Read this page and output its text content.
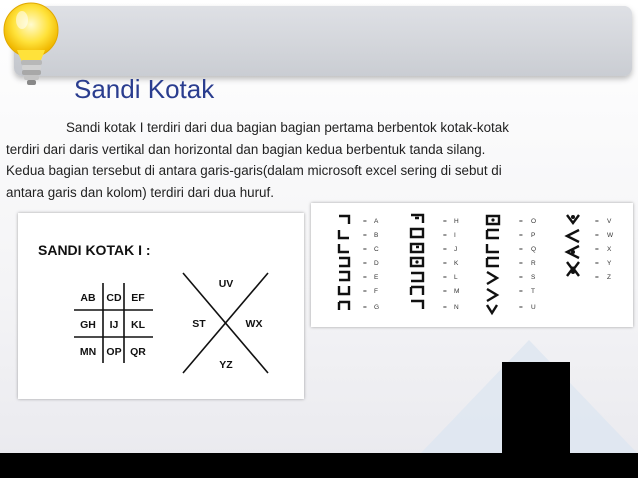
Sandi Kotak

Sandi kotak I terdiri dari dua bagian bagian pertama berbentok kotak-kotak
terdiri dari daris vertikal dan horizontal dan bagian kedua berbentuk tanda silang.
Kedua bagian tersebut di antara garis-garis(dalam microsoft excel sering di sebut di
antara garis dan kolom) terdiri dari dua huruf.

SANDI KOTAK I :
AB CD EF
GH IJ KL
MN OP QR
UV
ST	WX
YZ
=
=
=
=
=
=
=
=
=
=
=
=
=
=
=
=
=
=
=
=
=
=
=
=
=
=
A
B
C
D
E
F
G
H
I
J
K
L
M
N
O
P
Q
R
S
T
U
V
W
X
Y
Z
